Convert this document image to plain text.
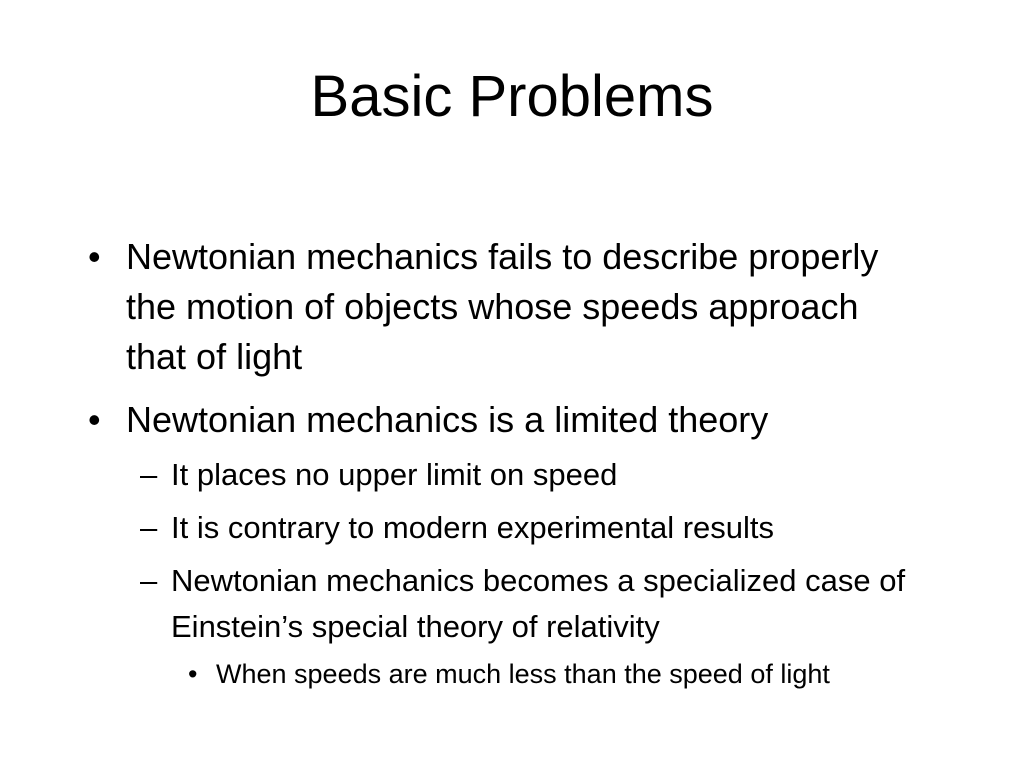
Basic Problems
• Newtonian mechanics fails to describe properly the motion of objects whose speeds approach that of light
• Newtonian mechanics is a limited theory
– It places no upper limit on speed
– It is contrary to modern experimental results
– Newtonian mechanics becomes a specialized case of Einstein’s special theory of relativity
• When speeds are much less than the speed of light
